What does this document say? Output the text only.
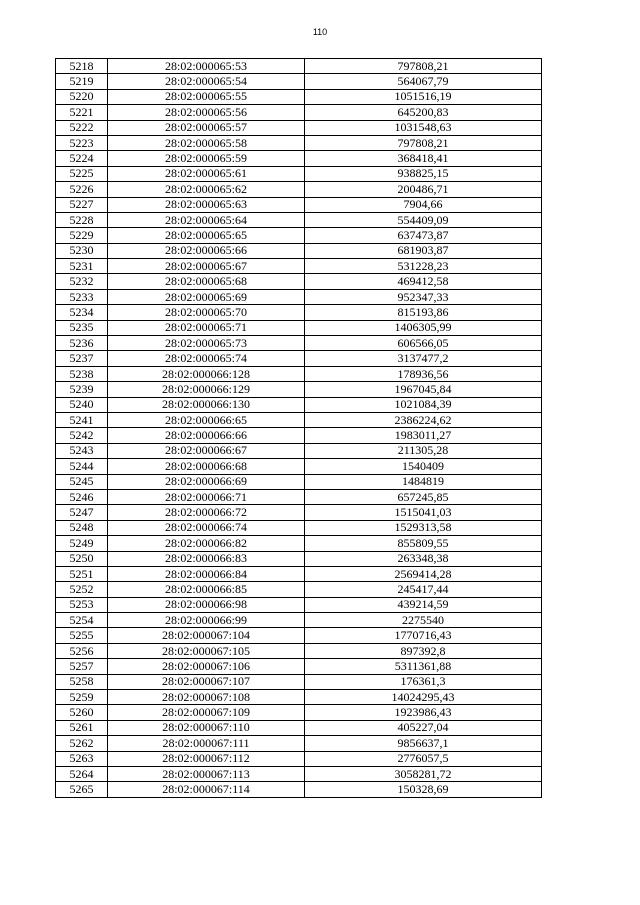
110
5218	28:02:000065:53	797808,21
5219	28:02:000065:54	564067,79
5220	28:02:000065:55	1051516,19
5221	28:02:000065:56	645200,83
5222	28:02:000065:57	1031548,63
5223	28:02:000065:58	797808,21
5224	28:02:000065:59	368418,41
5225	28:02:000065:61	938825,15
5226	28:02:000065:62	200486,71
5227	28:02:000065:63	7904,66
5228	28:02:000065:64	554409,09
5229	28:02:000065:65	637473,87
5230	28:02:000065:66	681903,87
5231	28:02:000065:67	531228,23
5232	28:02:000065:68	469412,58
5233	28:02:000065:69	952347,33
5234	28:02:000065:70	815193,86
5235	28:02:000065:71	1406305,99
5236	28:02:000065:73	606566,05
5237	28:02:000065:74	3137477,2
5238	28:02:000066:128	178936,56
5239	28:02:000066:129	1967045,84
5240	28:02:000066:130	1021084,39
5241	28:02:000066:65	2386224,62
5242	28:02:000066:66	1983011,27
5243	28:02:000066:67	211305,28
5244	28:02:000066:68	1540409
5245	28:02:000066:69	1484819
5246	28:02:000066:71	657245,85
5247	28:02:000066:72	1515041,03
5248	28:02:000066:74	1529313,58
5249	28:02:000066:82	855809,55
5250	28:02:000066:83	263348,38
5251	28:02:000066:84	2569414,28
5252	28:02:000066:85	245417,44
5253	28:02:000066:98	439214,59
5254	28:02:000066:99	2275540
5255	28:02:000067:104	1770716,43
5256	28:02:000067:105	897392,8
5257	28:02:000067:106	5311361,88
5258	28:02:000067:107	176361,3
5259	28:02:000067:108	14024295,43
5260	28:02:000067:109	1923986,43
5261	28:02:000067:110	405227,04
5262	28:02:000067:111	9856637,1
5263	28:02:000067:112	2776057,5
5264	28:02:000067:113	3058281,72
5265	28:02:000067:114	150328,69
